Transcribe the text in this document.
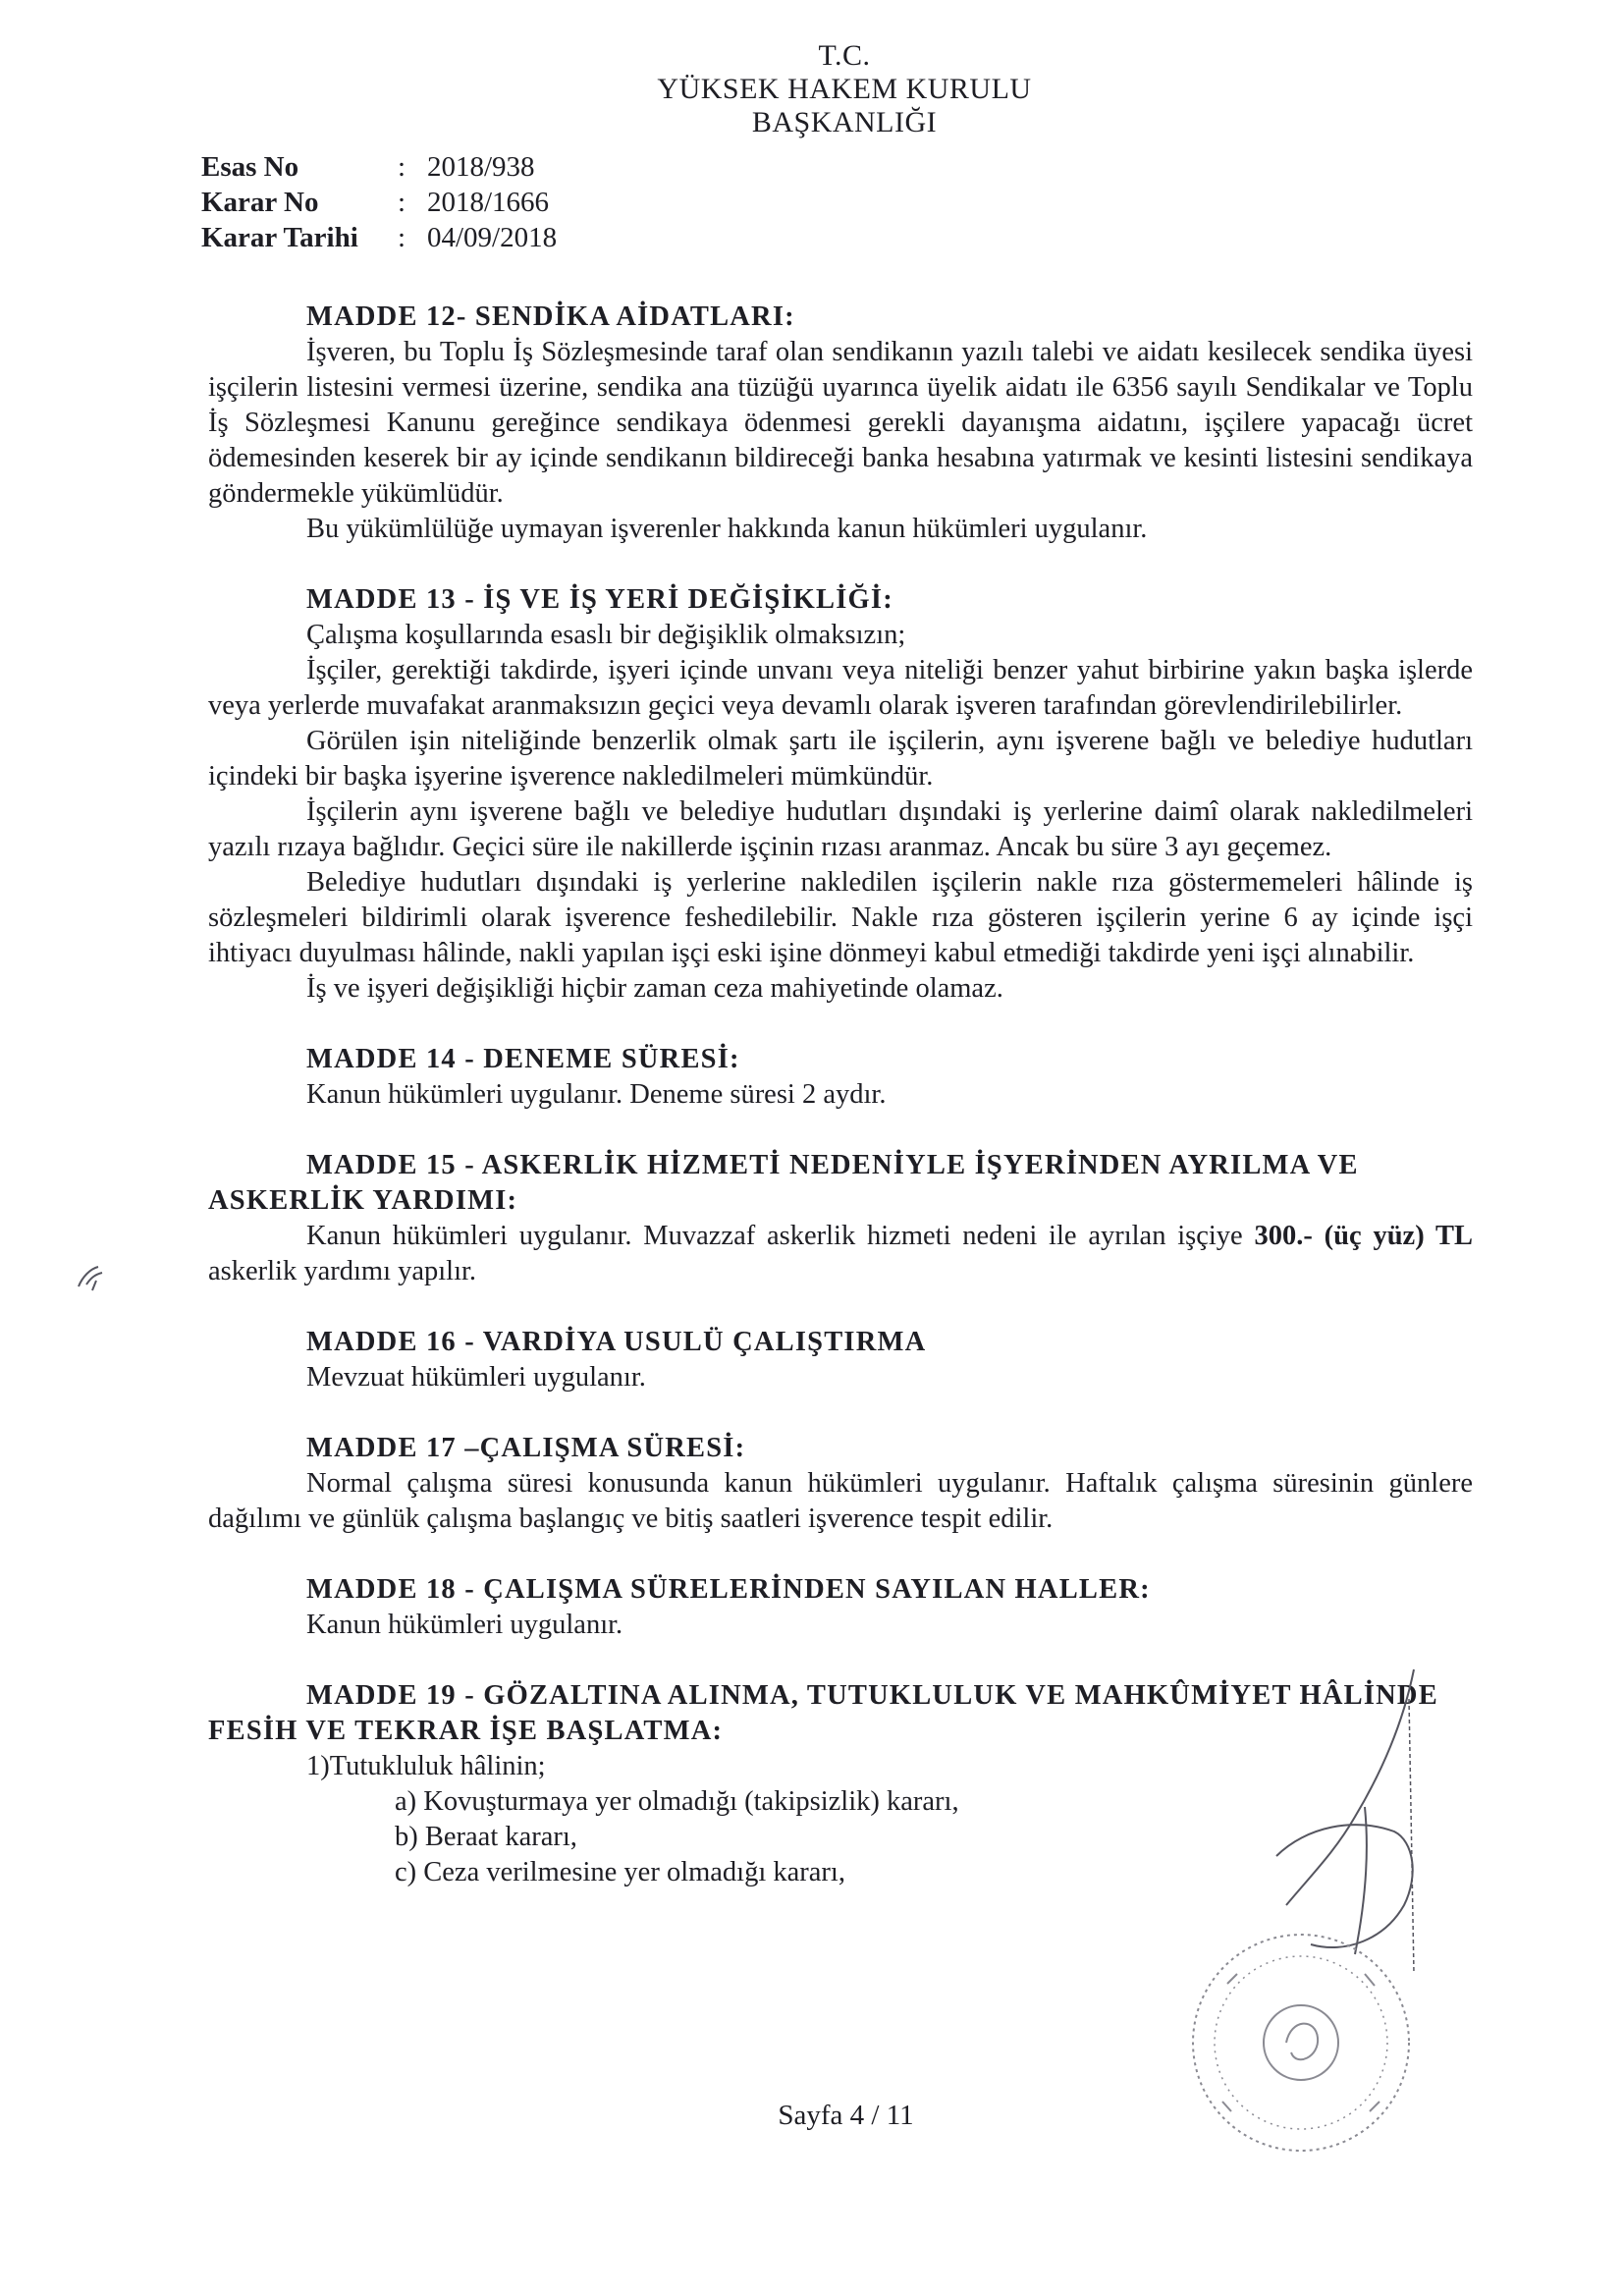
T.C.
YÜKSEK HAKEM KURULU
BAŞKANLIĞI
Esas No	: 2018/938
Karar No	: 2018/1666
Karar Tarihi	: 04/09/2018

MADDE 12- SENDİKA AİDATLARI:

İşveren, bu Toplu İş Sözleşmesinde taraf olan sendikanın yazılı talebi ve aidatı kesilecek sendika üyesi işçilerin listesini vermesi üzerine, sendika ana tüzüğü uyarınca üyelik aidatı ile 6356 sayılı Sendikalar ve Toplu İş Sözleşmesi Kanunu gereğince sendikaya ödenmesi gerekli dayanışma aidatını, işçilere yapacağı ücret ödemesinden keserek bir ay içinde sendikanın bildireceği banka hesabına yatırmak ve kesinti listesini sendikaya göndermekle yükümlüdür.

Bu yükümlülüğe uymayan işverenler hakkında kanun hükümleri uygulanır.

MADDE 13 - İŞ VE İŞ YERİ DEĞİŞİKLİĞİ:

Çalışma koşullarında esaslı bir değişiklik olmaksızın;

İşçiler, gerektiği takdirde, işyeri içinde unvanı veya niteliği benzer yahut birbirine yakın başka işlerde veya yerlerde muvafakat aranmaksızın geçici veya devamlı olarak işveren tarafından görevlendirilebilirler.

Görülen işin niteliğinde benzerlik olmak şartı ile işçilerin, aynı işverene bağlı ve belediye hudutları içindeki bir başka işyerine işverence nakledilmeleri mümkündür.

İşçilerin aynı işverene bağlı ve belediye hudutları dışındaki iş yerlerine daimî olarak nakledilmeleri yazılı rızaya bağlıdır. Geçici süre ile nakillerde işçinin rızası aranmaz. Ancak bu süre 3 ayı geçemez.

Belediye hudutları dışındaki iş yerlerine nakledilen işçilerin nakle rıza göstermemeleri hâlinde iş sözleşmeleri bildirimli olarak işverence feshedilebilir. Nakle rıza gösteren işçilerin yerine 6 ay içinde işçi ihtiyacı duyulması hâlinde, nakli yapılan işçi eski işine dönmeyi kabul etmediği takdirde yeni işçi alınabilir.

İş ve işyeri değişikliği hiçbir zaman ceza mahiyetinde olamaz.

MADDE 14 - DENEME SÜRESİ:

Kanun hükümleri uygulanır. Deneme süresi 2 aydır.

MADDE 15 - ASKERLİK HİZMETİ NEDENİYLE İŞYERİNDEN AYRILMA VE ASKERLİK YARDIMI:

Kanun hükümleri uygulanır. Muvazzaf askerlik hizmeti nedeni ile ayrılan işçiye 300.- (üç yüz) TL askerlik yardımı yapılır.

MADDE 16 - VARDİYA USULÜ ÇALIŞTIRMA

Mevzuat hükümleri uygulanır.

MADDE 17 –ÇALIŞMA SÜRESİ:

Normal çalışma süresi konusunda kanun hükümleri uygulanır. Haftalık çalışma süresinin günlere dağılımı ve günlük çalışma başlangıç ve bitiş saatleri işverence tespit edilir.

MADDE 18 - ÇALIŞMA SÜRELERİNDEN SAYILAN HALLER:

Kanun hükümleri uygulanır.

MADDE 19 - GÖZALTINA ALINMA, TUTUKLULUK VE MAHKÛMİYET HÂLİNDE FESİH VE TEKRAR İŞE BAŞLATMA:

1)Tutukluluk hâlinin;

a) Kovuşturmaya yer olmadığı (takipsizlik) kararı,

b) Beraat kararı,

c) Ceza verilmesine yer olmadığı kararı,

Sayfa 4 / 11
